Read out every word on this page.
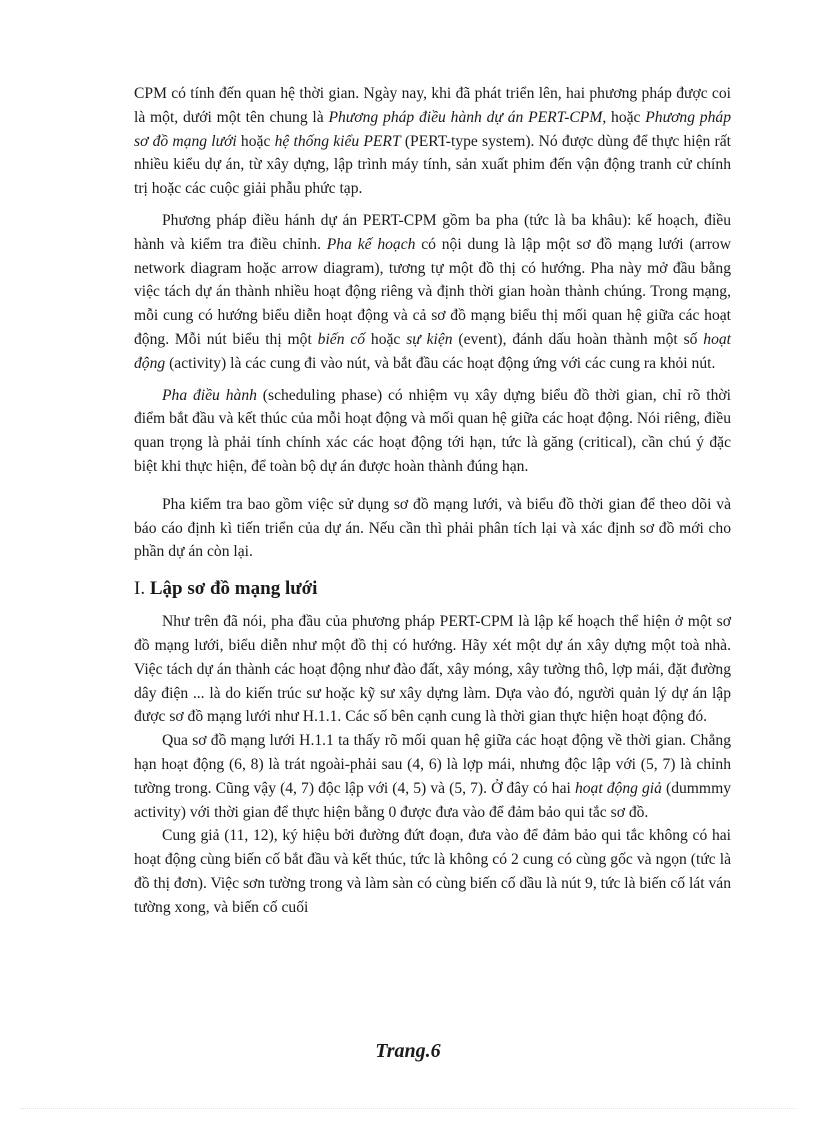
CPM có tính đến quan hệ thời gian. Ngày nay, khi đã phát triển lên, hai phương pháp được coi là một, dưới một tên chung là Phương pháp điều hành dự án PERT-CPM, hoặc Phương pháp sơ đồ mạng lưới hoặc hệ thống kiểu PERT (PERT-type system). Nó được dùng để thực hiện rất nhiều kiểu dự án, từ xây dựng, lập trình máy tính, sản xuất phim đến vận động tranh cử chính trị hoặc các cuộc giải phẫu phức tạp.

Phương pháp điều hánh dự án PERT-CPM gồm ba pha (tức là ba khâu): kế hoạch, điều hành và kiểm tra điều chỉnh. Pha kế hoạch có nội dung là lập một sơ đồ mạng lưới (arrow network diagram hoặc arrow diagram), tương tự một đồ thị có hướng. Pha này mở đầu bằng việc tách dự án thành nhiều hoạt động riêng và định thời gian hoàn thành chúng. Trong mạng, mỗi cung có hướng biểu diễn hoạt động và cả sơ đồ mạng biểu thị mối quan hệ giữa các hoạt động. Mỗi nút biểu thị một biến cố hoặc sự kiện (event), đánh dấu hoàn thành một số hoạt động (activity) là các cung đi vào nút, và bắt đầu các hoạt động ứng với các cung ra khỏi nút.

Pha điều hành (scheduling phase) có nhiệm vụ xây dựng biểu đồ thời gian, chỉ rõ thời điểm bắt đầu và kết thúc của mỗi hoạt động và mối quan hệ giữa các hoạt động. Nói riêng, điều quan trọng là phải tính chính xác các hoạt động tới hạn, tức là găng (critical), cần chú ý đặc biệt khi thực hiện, để toàn bộ dự án được hoàn thành đúng hạn.

Pha kiểm tra bao gồm việc sử dụng sơ đồ mạng lưới, và biểu đồ thời gian để theo dõi và báo cáo định kì tiến triển của dự án. Nếu cần thì phải phân tích lại và xác định sơ đồ mới cho phần dự án còn lại.

I. Lập sơ đồ mạng lưới

Như trên đã nói, pha đầu của phương pháp PERT-CPM là lập kế hoạch thể hiện ở một sơ đồ mạng lưới, biểu diễn như một đồ thị có hướng. Hãy xét một dự án xây dựng một toà nhà. Việc tách dự án thành các hoạt động như đào đất, xây móng, xây tường thô, lợp mái, đặt đường dây điện ... là do kiến trúc sư hoặc kỹ sư xây dựng làm. Dựa vào đó, người quản lý dự án lập được sơ đồ mạng lưới như H.1.1. Các số bên cạnh cung là thời gian thực hiện hoạt động đó.

Qua sơ đồ mạng lưới H.1.1 ta thấy rõ mối quan hệ giữa các hoạt động về thời gian. Chẳng hạn hoạt động (6, 8) là trát ngoài-phải sau (4, 6) là lợp mái, nhưng độc lập với (5, 7) là chỉnh tường trong. Cũng vậy (4, 7) độc lập với (4, 5) và (5, 7). Ở đây có hai hoạt động giả (dummmy activity) với thời gian để thực hiện bằng 0 được đưa vào để đảm bảo qui tắc sơ đồ.

Cung giả (11, 12), ký hiệu bởi đường đứt đoạn, đưa vào để đảm bảo qui tắc không có hai hoạt động cùng biến cố bắt đầu và kết thúc, tức là không có 2 cung có cùng gốc và ngọn (tức là đồ thị đơn). Việc sơn tường trong và làm sàn có cùng biến cố dầu là nút 9, tức là biến cố lát ván tường xong, và biến cố cuối

Trang.6
